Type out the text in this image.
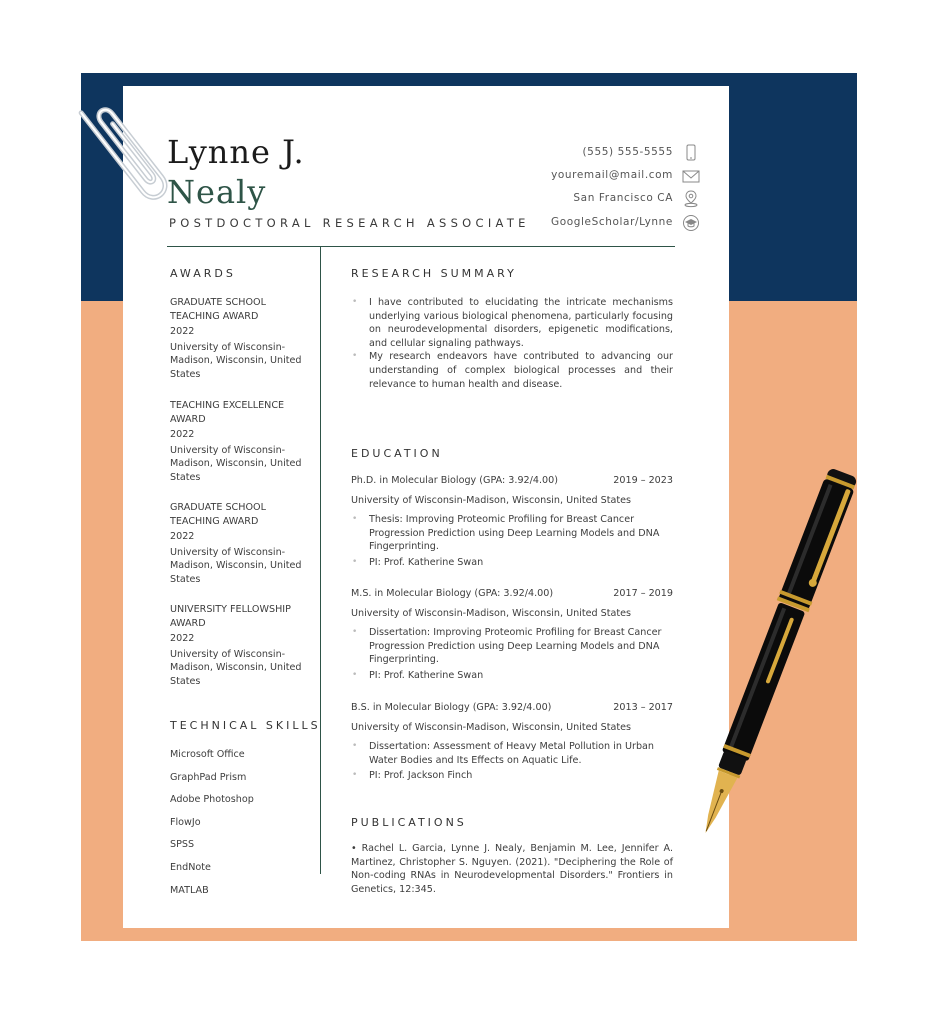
Lynne J.
Nealy
POSTDOCTORAL RESEARCH ASSOCIATE
(555) 555-5555
youremail@mail.com
San Francisco CA
GoogleScholar/Lynne
AWARDS
GRADUATE SCHOOL TEACHING AWARD
2022
University of Wisconsin-Madison, Wisconsin, United States
TEACHING EXCELLENCE AWARD
2022
University of Wisconsin-Madison, Wisconsin, United States
GRADUATE SCHOOL TEACHING AWARD
2022
University of Wisconsin-Madison, Wisconsin, United States
UNIVERSITY FELLOWSHIP AWARD
2022
University of Wisconsin-Madison, Wisconsin, United States
TECHNICAL SKILLS
Microsoft Office
GraphPad Prism
Adobe Photoshop
FlowJo
SPSS
EndNote
MATLAB
RESEARCH SUMMARY
• I have contributed to elucidating the intricate mechanisms underlying various biological phenomena, particularly focusing on neurodevelopmental disorders, epigenetic modifications, and cellular signaling pathways.
• My research endeavors have contributed to advancing our understanding of complex biological processes and their relevance to human health and disease.
EDUCATION
Ph.D. in Molecular Biology (GPA: 3.92/4.00)	2019 – 2023
University of Wisconsin-Madison, Wisconsin, United States
• Thesis: Improving Proteomic Profiling for Breast Cancer Progression Prediction using Deep Learning Models and DNA Fingerprinting.
• PI: Prof. Katherine Swan
M.S. in Molecular Biology (GPA: 3.92/4.00)	2017 – 2019
University of Wisconsin-Madison, Wisconsin, United States
• Dissertation: Improving Proteomic Profiling for Breast Cancer Progression Prediction using Deep Learning Models and DNA Fingerprinting.
• PI: Prof. Katherine Swan
B.S. in Molecular Biology (GPA: 3.92/4.00)	2013 – 2017
University of Wisconsin-Madison, Wisconsin, United States
• Dissertation: Assessment of Heavy Metal Pollution in Urban Water Bodies and Its Effects on Aquatic Life.
• PI: Prof. Jackson Finch
PUBLICATIONS
• Rachel L. Garcia, Lynne J. Nealy, Benjamin M. Lee, Jennifer A. Martinez, Christopher S. Nguyen. (2021). "Deciphering the Role of Non-coding RNAs in Neurodevelopmental Disorders." Frontiers in Genetics, 12:345.
